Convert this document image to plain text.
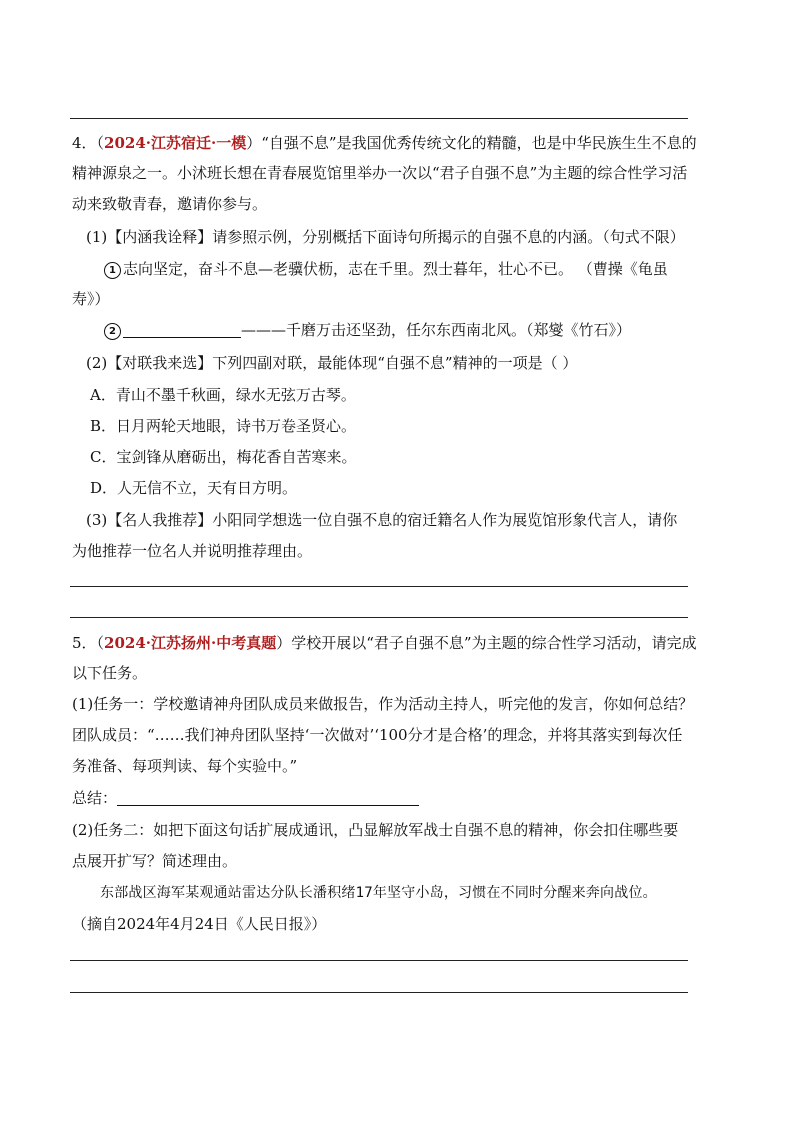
4．（2024·江苏宿迁·一模）“自强不息”是我国优秀传统文化的精髓，也是中华民族生生不息的
精神源泉之一。小沭班长想在青春展览馆里举办一次以“君子自强不息”为主题的综合性学习活
动来致敬青春，邀请你参与。
(1)【内涵我诠释】请参照示例，分别概括下面诗句所揭示的自强不息的内涵。（句式不限）
1 志向坚定，奋斗不息—老骥伏枥，志在千里。烈士暮年，壮心不已。 （曹操《龟虽
寿》）
2	———千磨万击还坚劲，任尔东西南北风。（郑燮《竹石》）
(2)【对联我来选】下列四副对联，最能体现“自强不息”精神的一项是（ ）
A．青山不墨千秋画，绿水无弦万古琴。
B．日月两轮天地眼，诗书万卷圣贤心。
C．宝剑锋从磨砺出，梅花香自苦寒来。
D．人无信不立，天有日方明。
(3)【名人我推荐】小阳同学想选一位自强不息的宿迁籍名人作为展览馆形象代言人，请你
为他推荐一位名人并说明推荐理由。
5．（2024·江苏扬州·中考真题）学校开展以“君子自强不息”为主题的综合性学习活动，请完成
以下任务。
(1)任务一：学校邀请神舟团队成员来做报告，作为活动主持人，听完他的发言，你如何总结？
团队成员：“……我们神舟团队坚持‘一次做对’‘100分才是合格’的理念，并将其落实到每次任
务准备、每项判读、每个实验中。”
总结：
(2)任务二：如把下面这句话扩展成通讯，凸显解放军战士自强不息的精神，你会扣住哪些要
点展开扩写？简述理由。
东部战区海军某观通站雷达分队长潘积绪17年坚守小岛，习惯在不同时分醒来奔向战位。
（摘自2024年4月24日《人民日报》）
